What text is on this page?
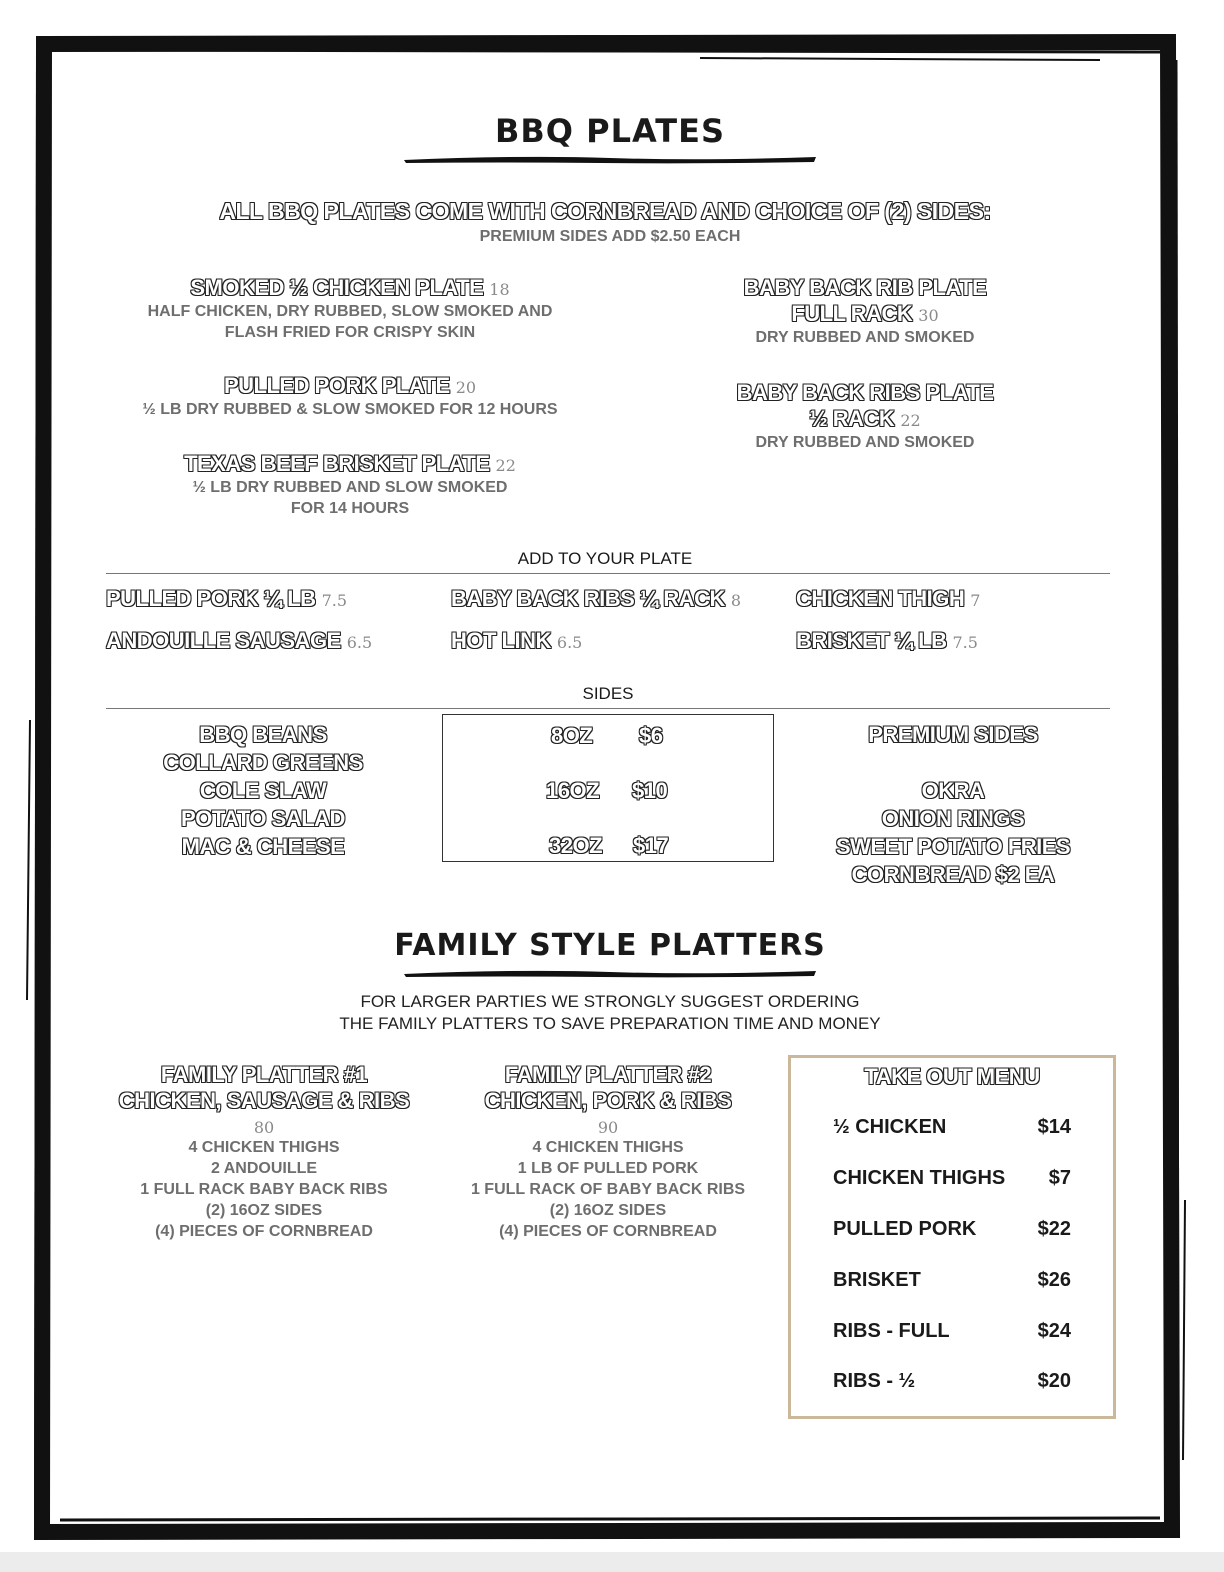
BBQ PLATES
ALL BBQ PLATES COME WITH CORNBREAD AND CHOICE OF (2) SIDES:
PREMIUM SIDES ADD $2.50 EACH
SMOKED ½ CHICKEN PLATE 18
HALF CHICKEN, DRY RUBBED, SLOW SMOKED AND
FLASH FRIED FOR CRISPY SKIN
PULLED PORK PLATE 20
½ LB DRY RUBBED & SLOW SMOKED FOR 12 HOURS
TEXAS BEEF BRISKET PLATE 22
½ LB DRY RUBBED AND SLOW SMOKED
FOR 14 HOURS
BABY BACK RIB PLATE
FULL RACK 30
DRY RUBBED AND SMOKED
BABY BACK RIBS PLATE
½ RACK 22
DRY RUBBED AND SMOKED
ADD TO YOUR PLATE
PULLED PORK ¼ LB 7.5	BABY BACK RIBS ¼ RACK 8 CHICKEN THIGH 7
ANDOUILLE SAUSAGE 6.5	HOT LINK 6.5	BRISKET ¼ LB 7.5
SIDES
BBQ BEANS
COLLARD GREENS
COLE SLAW
POTATO SALAD
MAC & CHEESE
8OZ $6
16OZ $10
32OZ $17
PREMIUM SIDES
OKRA
ONION RINGS
SWEET POTATO FRIES
CORNBREAD $2 EA
FAMILY STYLE PLATTERS
FOR LARGER PARTIES WE STRONGLY SUGGEST ORDERING
THE FAMILY PLATTERS TO SAVE PREPARATION TIME AND MONEY
FAMILY PLATTER #1
CHICKEN, SAUSAGE & RIBS
80
4 CHICKEN THIGHS
2 ANDOUILLE
1 FULL RACK BABY BACK RIBS
(2) 16OZ SIDES
(4) PIECES OF CORNBREAD
FAMILY PLATTER #2
CHICKEN, PORK & RIBS
90
4 CHICKEN THIGHS
1 LB OF PULLED PORK
1 FULL RACK OF BABY BACK RIBS
(2) 16OZ SIDES
(4) PIECES OF CORNBREAD
TAKE OUT MENU
½ CHICKEN	$14
CHICKEN THIGHS $7
PULLED PORK	$22
BRISKET	$26
RIBS - FULL	$24
RIBS - ½	$20
